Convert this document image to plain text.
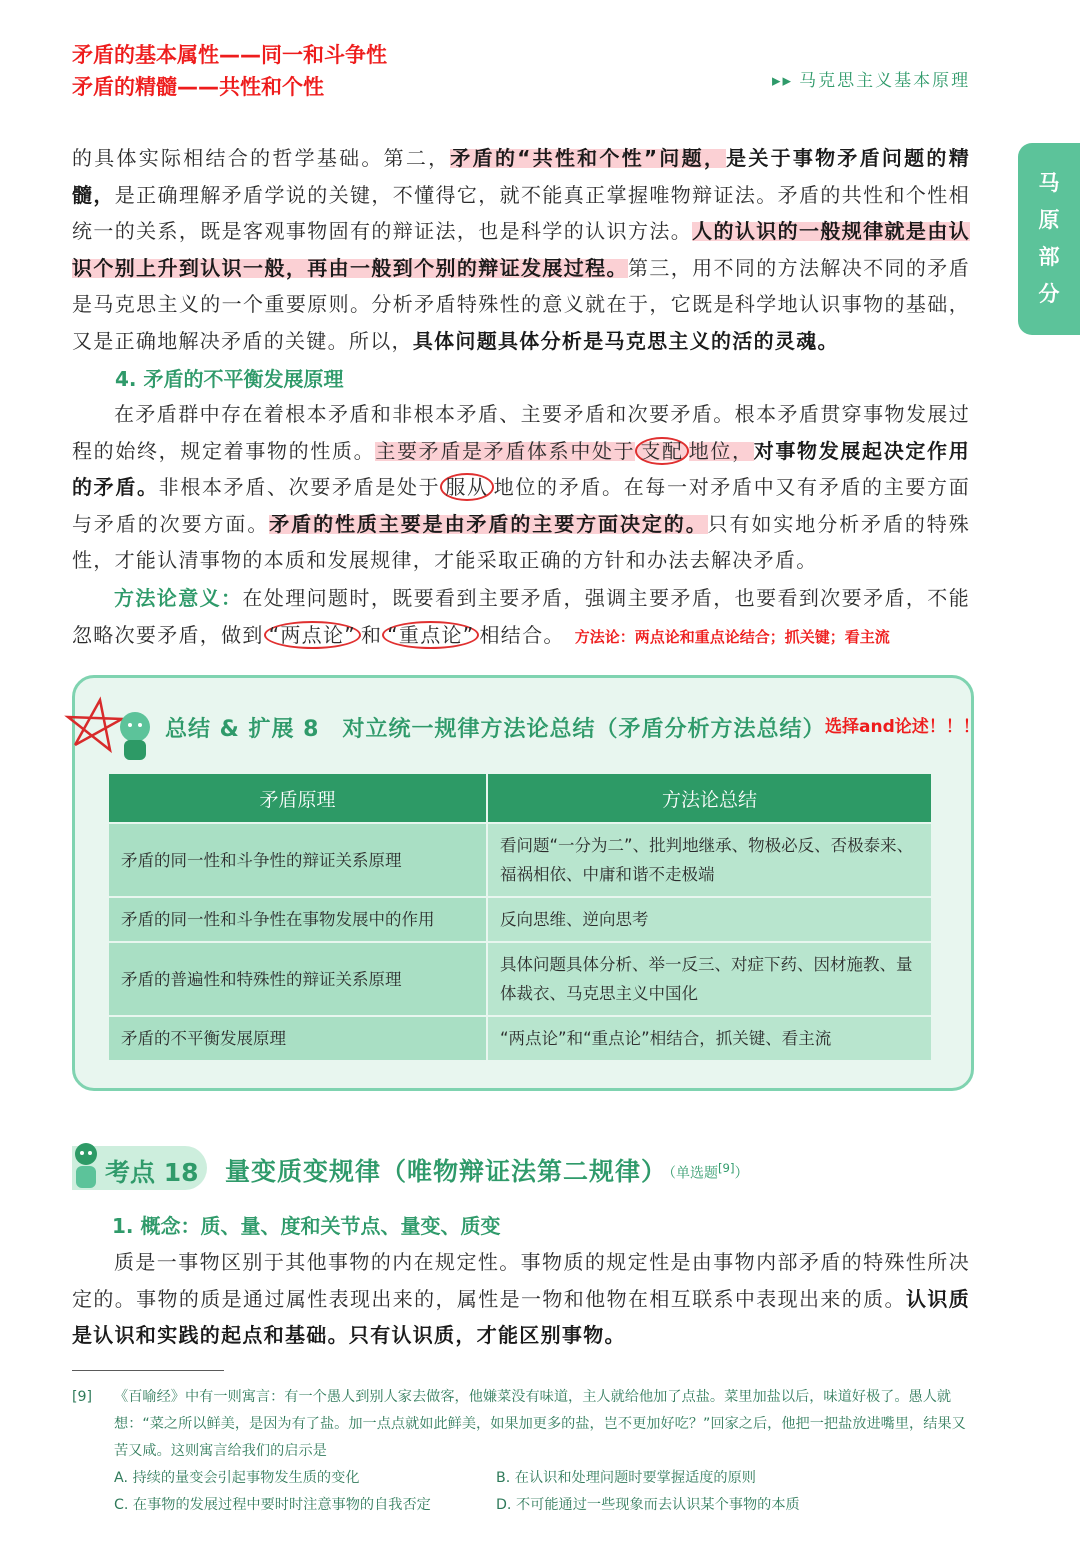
矛盾的基本属性——同一和斗争性
矛盾的精髓——共性和个性	▸▸ 马克思主义基本原理
马
原
部
分
的具体实际相结合的哲学基础。第二，矛盾的“共性和个性”问题，是关于事物矛盾问题的精髓，是正确理解矛盾学说的关键，不懂得它，就不能真正掌握唯物辩证法。矛盾的共性和个性相统一的关系，既是客观事物固有的辩证法，也是科学的认识方法。人的认识的一般规律就是由认识个别上升到认识一般，再由一般到个别的辩证发展过程。第三，用不同的方法解决不同的矛盾是马克思主义的一个重要原则。分析矛盾特殊性的意义就在于，它既是科学地认识事物的基础，又是正确地解决矛盾的关键。所以，具体问题具体分析是马克思主义的活的灵魂。
4. 矛盾的不平衡发展原理
在矛盾群中存在着根本矛盾和非根本矛盾、主要矛盾和次要矛盾。根本矛盾贯穿事物发展过程的始终，规定着事物的性质。主要矛盾是矛盾体系中处于 支配 地位，对事物发展起决定作用的矛盾。非根本矛盾、次要矛盾是处于 服从 地位的矛盾。在每一对矛盾中又有矛盾的主要方面与矛盾的次要方面。矛盾的性质主要是由矛盾的主要方面决定的。只有如实地分析矛盾的特殊性，才能认清事物的本质和发展规律，才能采取正确的方针和办法去解决矛盾。
方法论意义：在处理问题时，既要看到主要矛盾，强调主要矛盾，也要看到次要矛盾，不能忽略次要矛盾，做到 “两点论” 和 “重点论” 相结合。 方法论：两点论和重点论结合；抓关键；看主流
总结 & 扩展 8　对立统一规律方法论总结（矛盾分析方法总结） 选择and论述！！！
矛盾原理	方法论总结
矛盾的同一性和斗争性的辩证关系原理	看问题“一分为二”、批判地继承、物极必反、否极泰来、福祸相依、中庸和谐不走极端
矛盾的同一性和斗争性在事物发展中的作用	反向思维、逆向思考
矛盾的普遍性和特殊性的辩证关系原理	具体问题具体分析、举一反三、对症下药、因材施教、量体裁衣、马克思主义中国化
矛盾的不平衡发展原理	“两点论”和“重点论”相结合，抓关键、看主流
考点 18 量变质变规律（唯物辩证法第二规律）
（单选题[9]）
1. 概念：质、量、度和关节点、量变、质变
质是一事物区别于其他事物的内在规定性。事物质的规定性是由事物内部矛盾的特殊性所决定的。事物的质是通过属性表现出来的，属性是一物和他物在相互联系中表现出来的质。认识质是认识和实践的起点和基础。只有认识质，才能区别事物。
[9]	《百喻经》中有一则寓言：有一个愚人到别人家去做客，他嫌菜没有味道，主人就给他加了点盐。菜里加盐以后，味道好极了。愚人就想：“菜之所以鲜美，是因为有了盐。加一点点就如此鲜美，如果加更多的盐，岂不更加好吃？”回家之后，他把一把盐放进嘴里，结果又苦又咸。这则寓言给我们的启示是
A. 持续的量变会引起事物发生质的变化	B. 在认识和处理问题时要掌握适度的原则
C. 在事物的发展过程中要时时注意事物的自我否定	D. 不可能通过一些现象而去认识某个事物的本质
